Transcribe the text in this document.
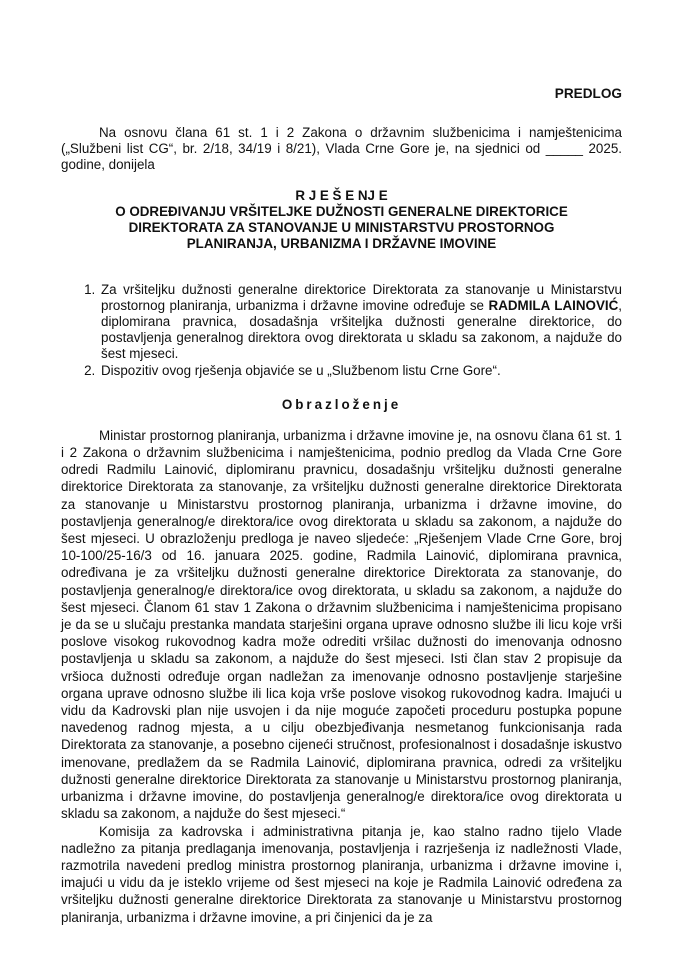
PREDLOG

Na osnovu člana 61 st. 1 i 2 Zakona o državnim službenicima i namještenicima („Službeni list CG“, br. 2/18, 34/19 i 8/21), Vlada Crne Gore je, na sjednici od _____ 2025. godine, donijela

R J E Š E NJ E
O ODREĐIVANJU VRŠITELJKE DUŽNOSTI GENERALNE DIREKTORICE
DIREKTORATA ZA STANOVANJE U MINISTARSTVU PROSTORNOG
PLANIRANJA, URBANIZMA I DRŽAVNE IMOVINE
1. Za vršiteljku dužnosti generalne direktorice Direktorata za stanovanje u Ministarstvu prostornog planiranja, urbanizma i državne imovine određuje se RADMILA LAINOVIĆ, diplomirana pravnica, dosadašnja vršiteljka dužnosti generalne direktorice, do postavljenja generalnog direktora ovog direktorata u skladu sa zakonom, a najduže do šest mjeseci.
2. Dispozitiv ovog rješenja objaviće se u „Službenom listu Crne Gore“.
Obrazloženje

Ministar prostornog planiranja, urbanizma i državne imovine je, na osnovu člana 61 st. 1 i 2 Zakona o državnim službenicima i namještenicima, podnio predlog da Vlada Crne Gore odredi Radmilu Lainović, diplomiranu pravnicu, dosadašnju vršiteljku dužnosti generalne direktorice Direktorata za stanovanje, za vršiteljku dužnosti generalne direktorice Direktorata za stanovanje u Ministarstvu prostornog planiranja, urbanizma i državne imovine, do postavljenja generalnog/e direktora/ice ovog direktorata u skladu sa zakonom, a najduže do šest mjeseci. U obrazloženju predloga je naveo sljedeće: „Rješenjem Vlade Crne Gore, broj 10-100/25-16/3 od 16. januara 2025. godine, Radmila Lainović, diplomirana pravnica, određivana je za vršiteljku dužnosti generalne direktorice Direktorata za stanovanje, do postavljenja generalnog/e direktora/ice ovog direktorata, u skladu sa zakonom, a najduže do šest mjeseci. Članom 61 stav 1 Zakona o državnim službenicima i namještenicima propisano je da se u slučaju prestanka mandata starješini organa uprave odnosno službe ili licu koje vrši poslove visokog rukovodnog kadra može odrediti vršilac dužnosti do imenovanja odnosno postavljenja u skladu sa zakonom, a najduže do šest mjeseci. Isti član stav 2 propisuje da vršioca dužnosti određuje organ nadležan za imenovanje odnosno postavljenje starješine organa uprave odnosno službe ili lica koja vrše poslove visokog rukovodnog kadra. Imajući u vidu da Kadrovski plan nije usvojen i da nije moguće započeti proceduru postupka popune navedenog radnog mjesta, a u cilju obezbjeđivanja nesmetanog funkcionisanja rada Direktorata za stanovanje, a posebno cijeneći stručnost, profesionalnost i dosadašnje iskustvo imenovane, predlažem da se Radmila Lainović, diplomirana pravnica, odredi za vršiteljku dužnosti generalne direktorice Direktorata za stanovanje u Ministarstvu prostornog planiranja, urbanizma i državne imovine, do postavljenja generalnog/e direktora/ice ovog direktorata u skladu sa zakonom, a najduže do šest mjeseci.“

Komisija za kadrovska i administrativna pitanja je, kao stalno radno tijelo Vlade nadležno za pitanja predlaganja imenovanja, postavljenja i razrješenja iz nadležnosti Vlade, razmotrila navedeni predlog ministra prostornog planiranja, urbanizma i državne imovine i, imajući u vidu da je isteklo vrijeme od šest mjeseci na koje je Radmila Lainović određena za vršiteljku dužnosti generalne direktorice Direktorata za stanovanje u Ministarstvu prostornog planiranja, urbanizma i državne imovine, a pri činjenici da je za
